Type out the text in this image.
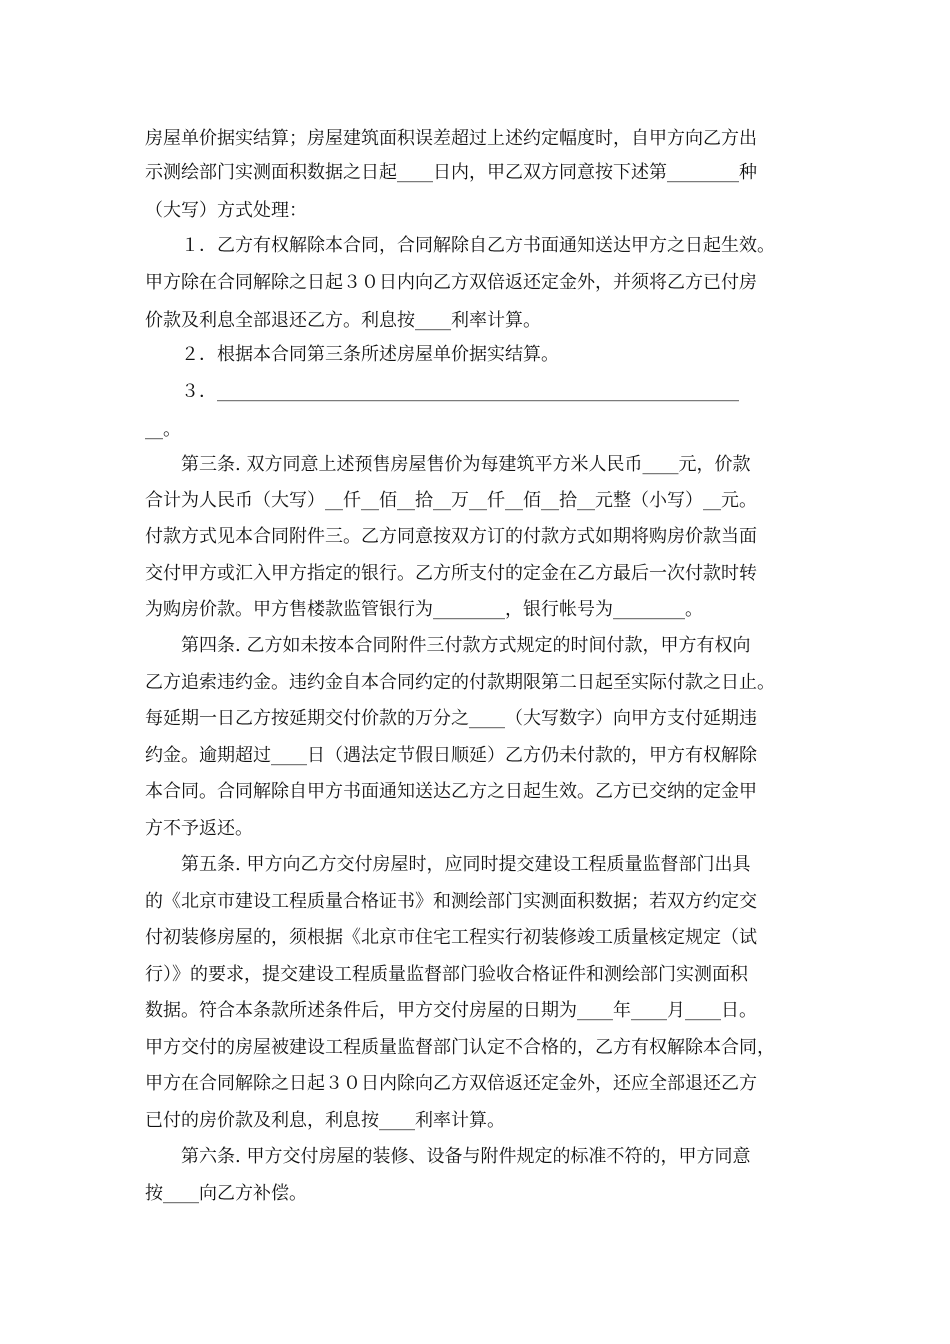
房屋单价据实结算；房屋建筑面积误差超过上述约定幅度时，自甲方向乙方出

示测绘部门实测面积数据之日起____日内，甲乙双方同意按下述第________种

（大写）方式处理：

　　１．乙方有权解除本合同，合同解除自乙方书面通知送达甲方之日起生效。

甲方除在合同解除之日起３０日内向乙方双倍返还定金外，并须将乙方已付房

价款及利息全部退还乙方。利息按____利率计算。

　　２．根据本合同第三条所述房屋单价据实结算。

　　３．__________________________________________________________

__。

　　第三条. 双方同意上述预售房屋售价为每建筑平方米人民币____元，价款

合计为人民币（大写）__仟__佰__拾__万__仟__佰__拾__元整（小写）__元。

付款方式见本合同附件三。乙方同意按双方订的付款方式如期将购房价款当面

交付甲方或汇入甲方指定的银行。乙方所支付的定金在乙方最后一次付款时转

为购房价款。甲方售楼款监管银行为________，银行帐号为________。

　　第四条. 乙方如未按本合同附件三付款方式规定的时间付款，甲方有权向

乙方追索违约金。违约金自本合同约定的付款期限第二日起至实际付款之日止。

每延期一日乙方按延期交付价款的万分之____（大写数字）向甲方支付延期违

约金。逾期超过____日（遇法定节假日顺延）乙方仍未付款的，甲方有权解除

本合同。合同解除自甲方书面通知送达乙方之日起生效。乙方已交纳的定金甲

方不予返还。

　　第五条. 甲方向乙方交付房屋时，应同时提交建设工程质量监督部门出具

的《北京市建设工程质量合格证书》和测绘部门实测面积数据；若双方约定交

付初装修房屋的，须根据《北京市住宅工程实行初装修竣工质量核定规定（试

行）》的要求，提交建设工程质量监督部门验收合格证件和测绘部门实测面积

数据。符合本条款所述条件后，甲方交付房屋的日期为____年____月____日。

甲方交付的房屋被建设工程质量监督部门认定不合格的，乙方有权解除本合同，

甲方在合同解除之日起３０日内除向乙方双倍返还定金外，还应全部退还乙方

已付的房价款及利息，利息按____利率计算。

　　第六条. 甲方交付房屋的装修、设备与附件规定的标准不符的，甲方同意

按____向乙方补偿。
